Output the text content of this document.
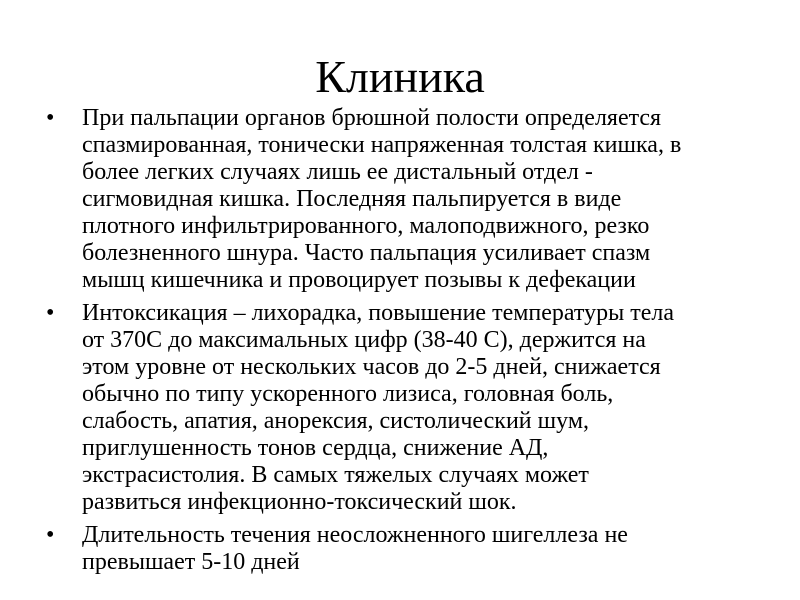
Клиника
• При пальпации органов брюшной полости определяется
спазмированная, тонически напряженная толстая кишка, в
более легких случаях лишь ее дистальный отдел -
сигмовидная кишка. Последняя пальпируется в виде
плотного инфильтрированного, малоподвижного, резко
болезненного шнура. Часто пальпация усиливает спазм
мышц кишечника и провоцирует позывы к дефекации
• Интоксикация – лихорадка, повышение температуры тела
от 370С до максимальных цифр (38-40 С), держится на
этом уровне от нескольких часов до 2-5 дней, снижается
обычно по типу ускоренного лизиса, головная боль,
слабость, апатия, анорексия, систолический шум,
приглушенность тонов сердца, снижение АД,
экстрасистолия. В самых тяжелых случаях может
развиться инфекционно-токсический шок.
• Длительность течения неосложненного шигеллеза не
превышает 5-10 дней
